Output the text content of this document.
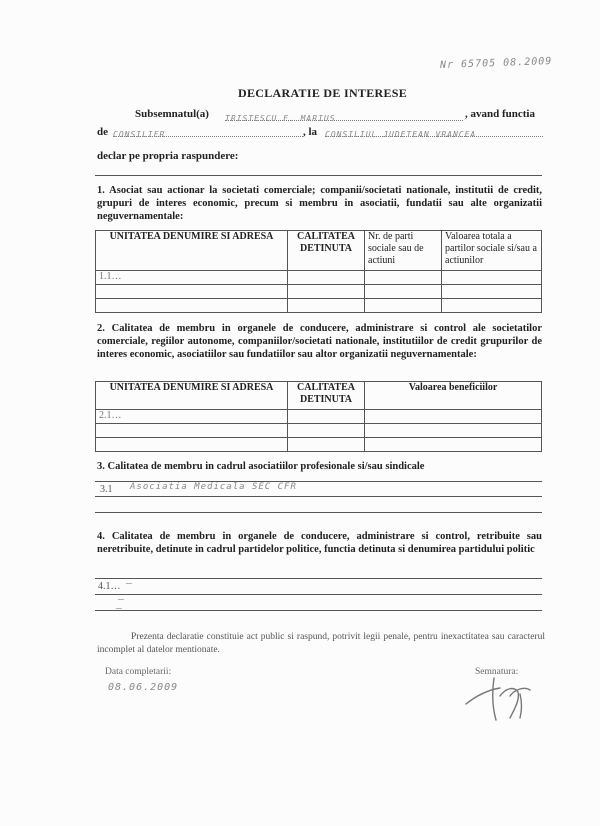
Nr 65705 08.2009
DECLARATIE DE INTERESE
Subsemnatul(a) TRISTESCU F. MARIUS	, avand functia
de CONSILIER	, la CONSILIUL JUDETEAN VRANCEA
declar pe propria raspundere:
1. Asociat sau actionar la societati comerciale; companii/societati nationale, institutii de credit, grupuri de interes economic, precum si membru in asociatii, fundatii sau alte organizatii neguvernamentale:
UNITATEA DENUMIRE SI ADRESA	CALITATEA DETINUTA	Nr. de parti sociale sau de actiuni	Valoarea totala a partilor sociale si/sau a actiunilor
1.1…			

2. Calitatea de membru in organele de conducere, administrare si control ale societatilor comerciale, regiilor autonome, companiilor/societati nationale, institutiilor de credit grupurilor de interes economic, asociatiilor sau fundatiilor sau altor organizatii neguvernamentale:
UNITATEA DENUMIRE SI ADRESA	CALITATEA DETINUTA	Valoarea beneficiilor
2.1…		

3. Calitatea de membru in cadrul asociatiilor profesionale si/sau sindicale
3.1 Asociatia Medicala SEC CFR
4. Calitatea de membru in organele de conducere, administrare si control, retribuite sau neretribuite, detinute in cadrul partidelor politice, functia detinuta si denumirea partidului politic
4.1… —
—
—
Prezenta declaratie constituie act public si raspund, potrivit legii penale, pentru inexactitatea sau caracterul incomplet al datelor mentionate.
Data completarii:
08.06.2009
Semnatura:
